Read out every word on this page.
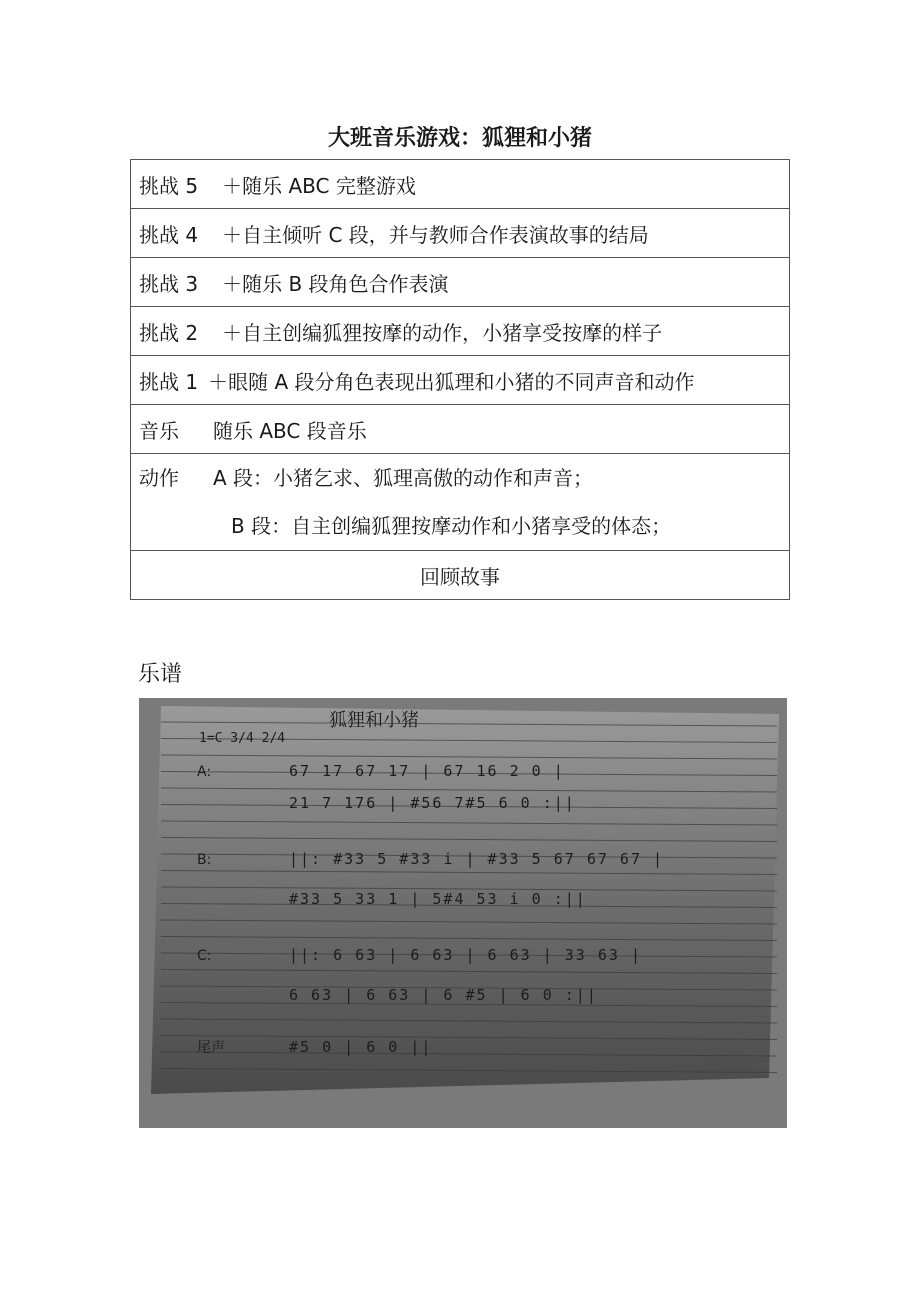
大班音乐游戏：狐狸和小猪
挑战 5 ＋随乐 ABC 完整游戏
挑战 4 ＋自主倾听 C 段，并与教师合作表演故事的结局
挑战 3 ＋随乐 B 段角色合作表演
挑战 2 ＋自主创编狐狸按摩的动作，小猪享受按摩的样子
挑战 1 ＋眼随 A 段分角色表现出狐理和小猪的不同声音和动作
音乐 随乐 ABC 段音乐

动作 A 段：小猪乞求、狐理高傲的动作和声音；
B 段：自主创编狐狸按摩动作和小猪享受的体态；

回顾故事
乐谱
狐狸和小猪
1=C 3/4 2/4
A:	67 17 67 17 | 67 16 2 0 |
21 7 176 | #56 7#5 6 0 :||
B:	||: #33 5 #33 i | #33 5 67 67 67 |
#33 5 33 1 | 5#4 53 i 0 :||
C:	||: 6 63 | 6 63 | 6 63 | 33 63 |
6 63 | 6 63 | 6 #5 | 6 0 :||
尾声	#5 0 | 6 0 ||
